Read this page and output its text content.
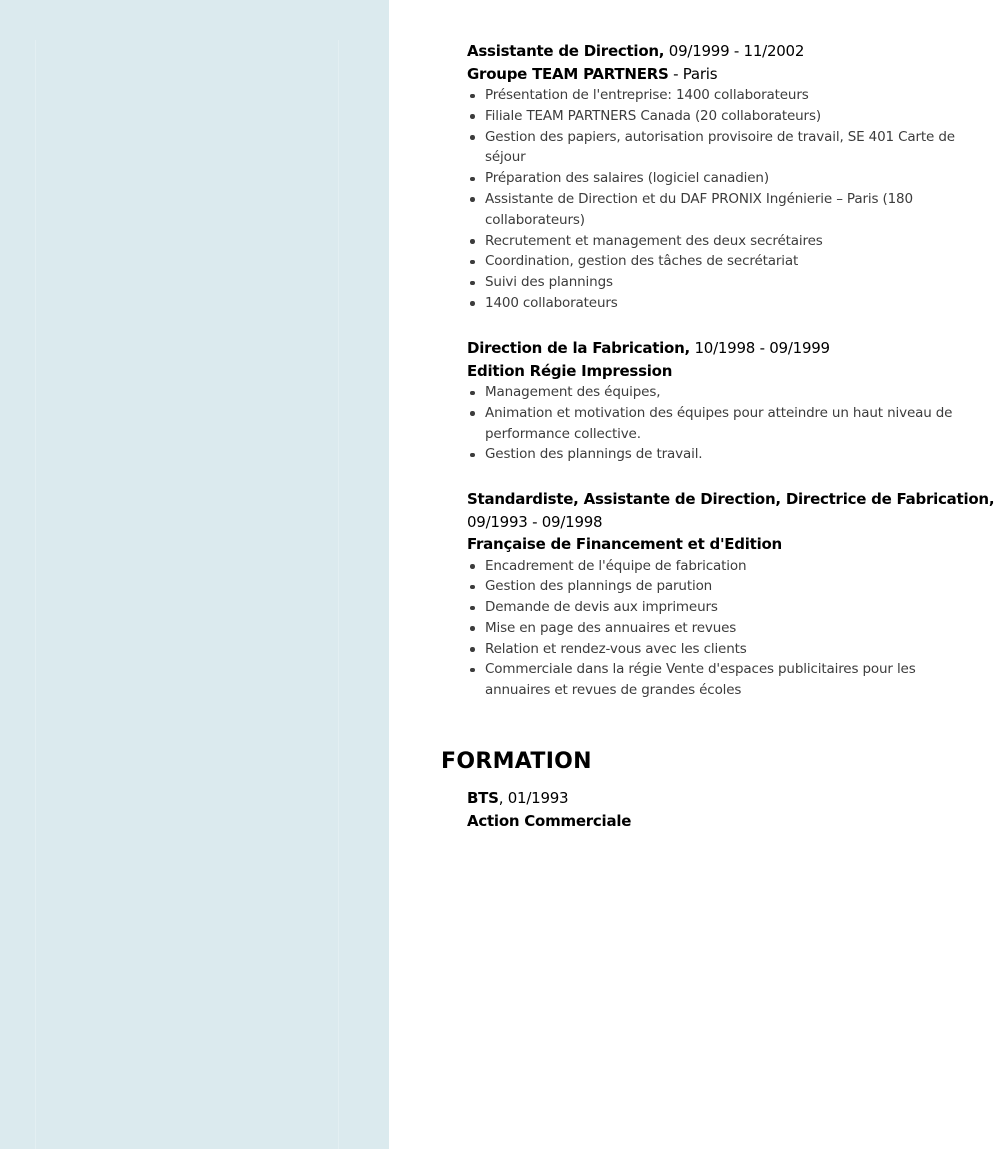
Assistante de Direction, 09/1999 - 11/2002
Groupe TEAM PARTNERS - Paris
Présentation de l'entreprise: 1400 collaborateurs
Filiale TEAM PARTNERS Canada (20 collaborateurs)
Gestion des papiers, autorisation provisoire de travail, SE 401 Carte de séjour
Préparation des salaires (logiciel canadien)
Assistante de Direction et du DAF PRONIX Ingénierie – Paris (180 collaborateurs)
Recrutement et management des deux secrétaires
Coordination, gestion des tâches de secrétariat
Suivi des plannings
1400 collaborateurs
Direction de la Fabrication, 10/1998 - 09/1999
Edition Régie Impression
Management des équipes,
Animation et motivation des équipes pour atteindre un haut niveau de performance collective.
Gestion des plannings de travail.
Standardiste, Assistante de Direction, Directrice de Fabrication,
09/1993 - 09/1998
Française de Financement et d'Edition
Encadrement de l'équipe de fabrication
Gestion des plannings de parution
Demande de devis aux imprimeurs
Mise en page des annuaires et revues
Relation et rendez-vous avec les clients
Commerciale dans la régie Vente d'espaces publicitaires pour les annuaires et revues de grandes écoles
FORMATION
BTS, 01/1993
Action Commerciale
